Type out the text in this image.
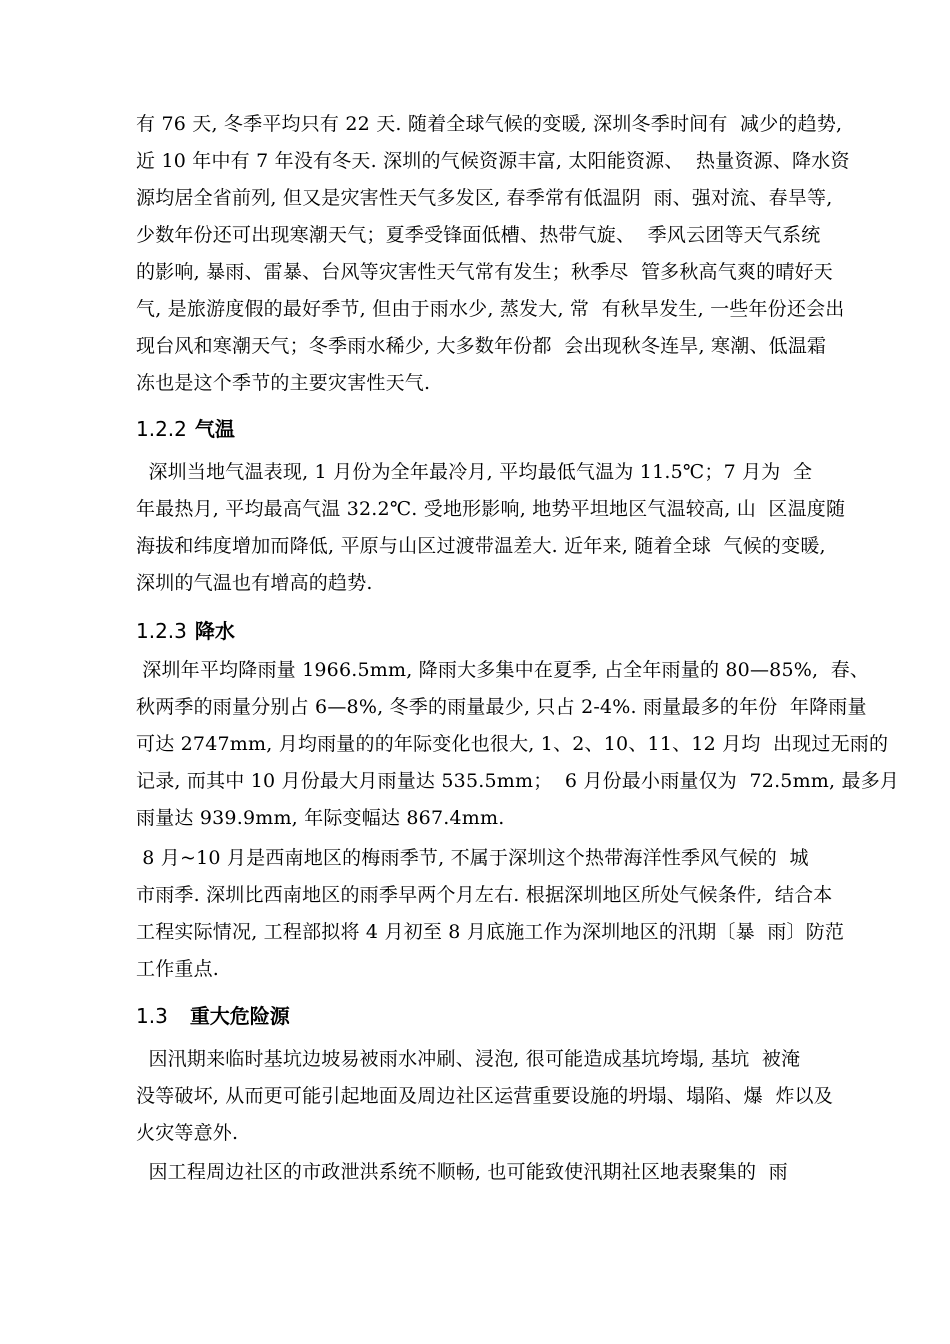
有 76 天, 冬季平均只有 22 天. 随着全球气候的变暖, 深圳冬季时间有  减少的趋势,
近 10 年中有 7 年没有冬天. 深圳的气候资源丰富, 太阳能资源、  热量资源、降水资
源均居全省前列, 但又是灾害性天气多发区, 春季常有低温阴  雨、强对流、春旱等,
少数年份还可出现寒潮天气；夏季受锋面低槽、热带气旋、  季风云团等天气系统
的影响, 暴雨、雷暴、台风等灾害性天气常有发生；秋季尽  管多秋高气爽的晴好天
气, 是旅游度假的最好季节, 但由于雨水少, 蒸发大, 常  有秋旱发生, 一些年份还会出
现台风和寒潮天气；冬季雨水稀少, 大多数年份都  会出现秋冬连旱, 寒潮、低温霜
冻也是这个季节的主要灾害性天气.
1.2.2 气温
深圳当地气温表现, 1 月份为全年最冷月, 平均最低气温为 11.5℃；7 月为  全
年最热月, 平均最高气温 32.2℃. 受地形影响, 地势平坦地区气温较高, 山  区温度随
海拔和纬度增加而降低, 平原与山区过渡带温差大. 近年来, 随着全球  气候的变暖,
深圳的气温也有增高的趋势.
1.2.3 降水
深圳年平均降雨量 1966.5mm, 降雨大多集中在夏季, 占全年雨量的 80—85%,  春、
秋两季的雨量分别占 6—8%, 冬季的雨量最少, 只占 2-4%. 雨量最多的年份  年降雨量
可达 2747mm, 月均雨量的的年际变化也很大, 1、2、10、11、12 月均  出现过无雨的
记录, 而其中 10 月份最大月雨量达 535.5mm；  6 月份最小雨量仅为  72.5mm, 最多月
雨量达 939.9mm, 年际变幅达 867.4mm.
8 月~10 月是西南地区的梅雨季节, 不属于深圳这个热带海洋性季风气候的  城
市雨季. 深圳比西南地区的雨季早两个月左右. 根据深圳地区所处气候条件,  结合本
工程实际情况, 工程部拟将 4 月初至 8 月底施工作为深圳地区的汛期〔暴  雨〕防范
工作重点.
1.3 重大危险源
因汛期来临时基坑边坡易被雨水冲刷、浸泡, 很可能造成基坑垮塌, 基坑  被淹
没等破坏, 从而更可能引起地面及周边社区运营重要设施的坍塌、塌陷、爆  炸以及
火灾等意外.
因工程周边社区的市政泄洪系统不顺畅, 也可能致使汛期社区地表聚集的  雨
